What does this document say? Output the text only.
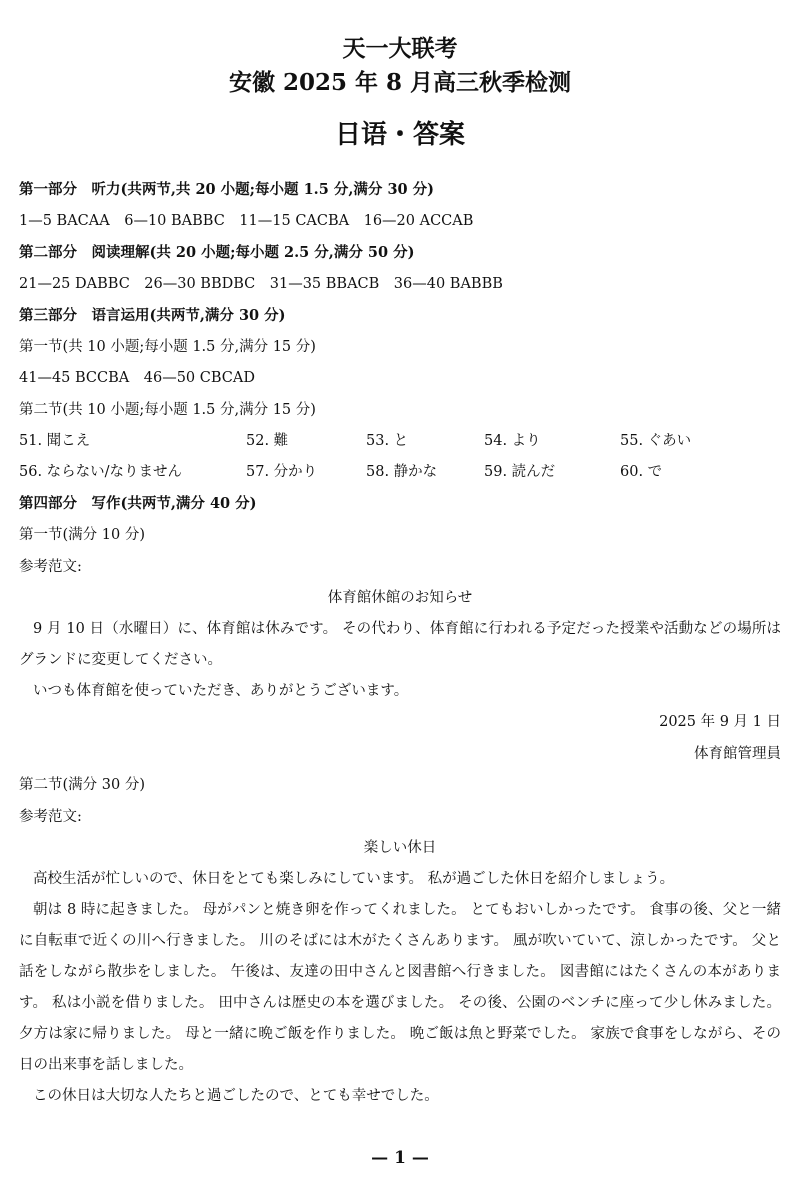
天一大联考
安徽 2025 年 8 月高三秋季检测
日语・答案
第一部分　听力(共两节,共 20 小题;每小题 1.5 分,满分 30 分)
1—5 BACAA　6—10 BABBC　11—15 CACBA　16—20 ACCAB
第二部分　阅读理解(共 20 小题;每小题 2.5 分,满分 50 分)
21—25 DABBC　26—30 BBDBC　31—35 BBACB　36—40 BABBB
第三部分　语言运用(共两节,满分 30 分)
第一节(共 10 小题;每小题 1.5 分,满分 15 分)
41—45 BCCBA　46—50 CBCAD
第二节(共 10 小题;每小题 1.5 分,满分 15 分)
51. 聞こえ	52. 難	53. と	54. より	55. ぐあい
56. ならない/なりません	57. 分かり	58. 静かな	59. 読んだ	60. で
第四部分　写作(共两节,满分 40 分)
第一节(满分 10 分)
参考范文:
体育館休館のお知らせ

9 月 10 日（水曜日）に、体育館は休みです。 その代わり、体育館に行われる予定だった授業や活動などの場所はグランドに変更してください。

いつも体育館を使っていただき、ありがとうございます。

2025 年 9 月 1 日
体育館管理員
第二节(满分 30 分)
参考范文:
楽しい休日

高校生活が忙しいので、休日をとても楽しみにしています。 私が過ごした休日を紹介しましょう。

朝は 8 時に起きました。 母がパンと焼き卵を作ってくれました。 とてもおいしかったです。 食事の後、父と一緒に自転車で近くの川へ行きました。 川のそばには木がたくさんあります。 風が吹いていて、涼しかったです。 父と話をしながら散歩をしました。 午後は、友達の田中さんと図書館へ行きました。 図書館にはたくさんの本があります。 私は小説を借りました。 田中さんは歴史の本を選びました。 その後、公園のベンチに座って少し休みました。 夕方は家に帰りました。 母と一緒に晩ご飯を作りました。 晩ご飯は魚と野菜でした。 家族で食事をしながら、その日の出来事を話しました。

この休日は大切な人たちと過ごしたので、とても幸せでした。

— 1 —
